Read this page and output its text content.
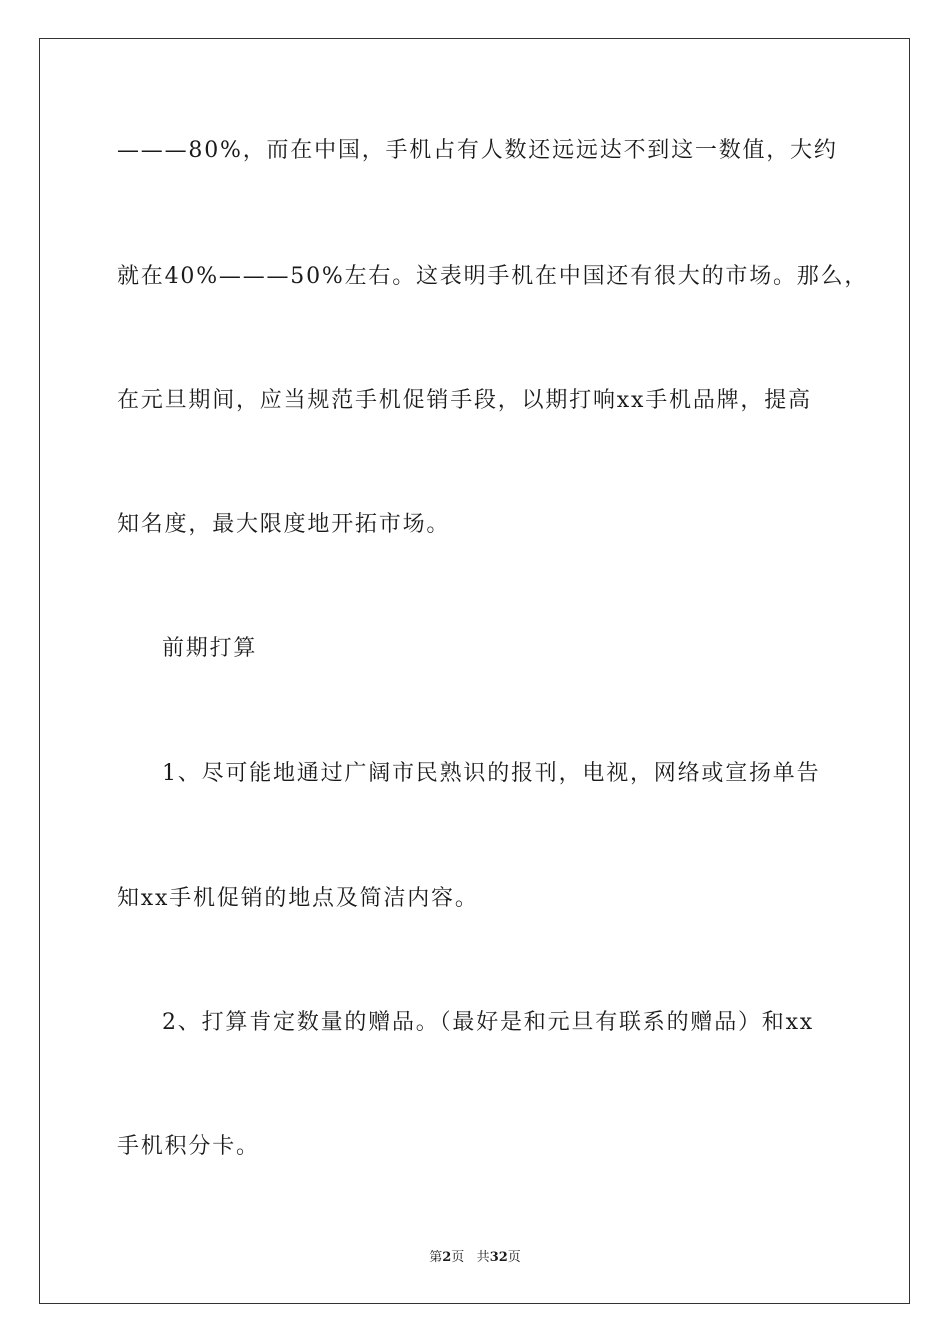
———80%，而在中国，手机占有人数还远远达不到这一数值，大约
就在40%———50%左右。这表明手机在中国还有很大的市场。那么，
在元旦期间，应当规范手机促销手段，以期打响xx手机品牌，提高
知名度，最大限度地开拓市场。
前期打算
1、尽可能地通过广阔市民熟识的报刊，电视，网络或宣扬单告
知xx手机促销的地点及简洁内容。
2、打算肯定数量的赠品。（最好是和元旦有联系的赠品）和xx
手机积分卡。
第2页 共32页
